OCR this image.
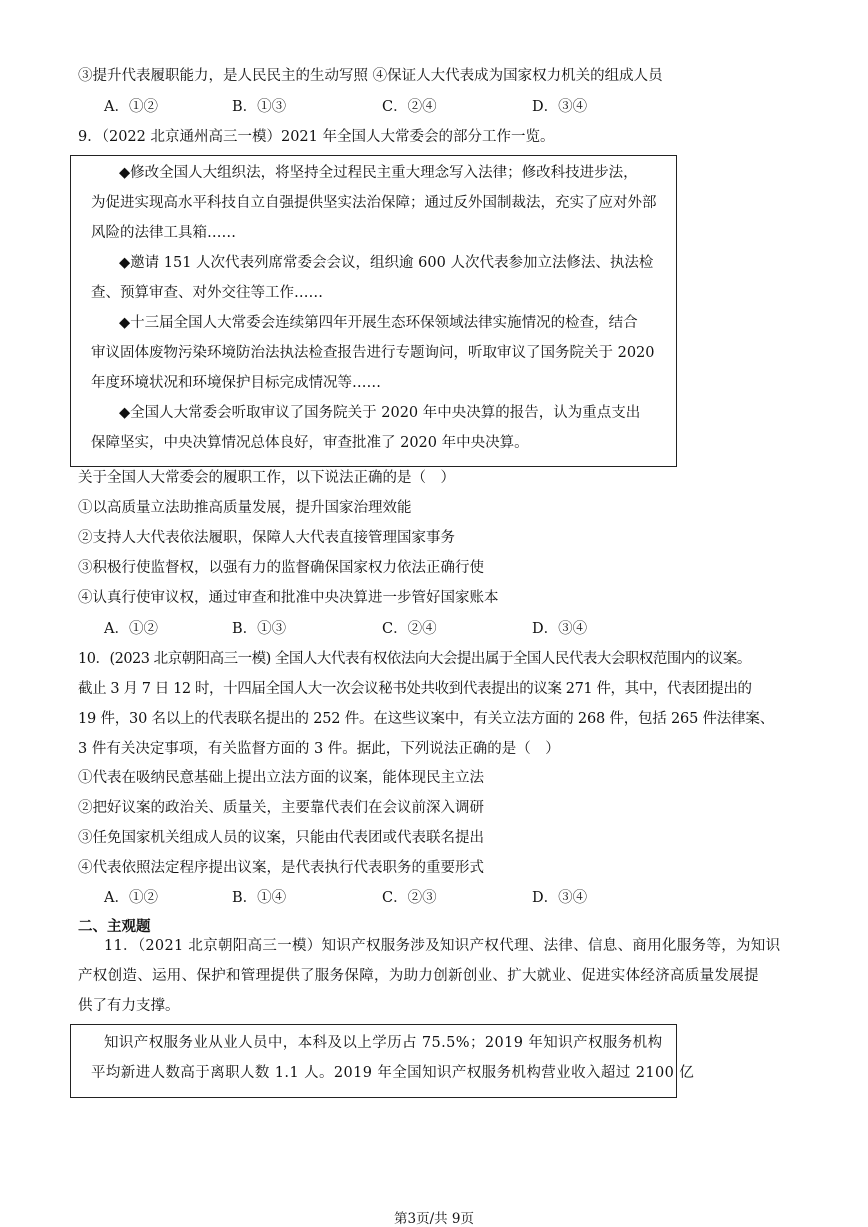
③提升代表履职能力，是人民民主的生动写照 ④保证人大代表成为国家权力机关的组成人员
A．①②	B．①③	C．②④	D．③④
9．（2022 北京通州高三一模）2021 年全国人大常委会的部分工作一览。
◆修改全国人大组织法，将坚持全过程民主重大理念写入法律；修改科技进步法，
为促进实现高水平科技自立自强提供坚实法治保障；通过反外国制裁法，充实了应对外部
风险的法律工具箱……
◆邀请 151 人次代表列席常委会会议，组织逾 600 人次代表参加立法修法、执法检
查、预算审查、对外交往等工作……
◆十三届全国人大常委会连续第四年开展生态环保领域法律实施情况的检查，结合
审议固体废物污染环境防治法执法检查报告进行专题询问，听取审议了国务院关于 2020
年度环境状况和环境保护目标完成情况等……
◆全国人大常委会听取审议了国务院关于 2020 年中央决算的报告，认为重点支出
保障坚实，中央决算情况总体良好，审查批准了 2020 年中央决算。
关于全国人大常委会的履职工作，以下说法正确的是（　）
①以高质量立法助推高质量发展，提升国家治理效能
②支持人大代表依法履职，保障人大代表直接管理国家事务
③积极行使监督权，以强有力的监督确保国家权力依法正确行使
④认真行使审议权，通过审查和批准中央决算进一步管好国家账本
A．①②	B．①③	C．②④	D．③④
10．(2023 北京朝阳高三一模) 全国人大代表有权依法向大会提出属于全国人民代表大会职权范围内的议案。
截止 3 月 7 日 12 时，十四届全国人大一次会议秘书处共收到代表提出的议案 271 件，其中，代表团提出的
19 件，30 名以上的代表联名提出的 252 件。在这些议案中，有关立法方面的 268 件，包括 265 件法律案、
3 件有关决定事项，有关监督方面的 3 件。据此，下列说法正确的是（　）
①代表在吸纳民意基础上提出立法方面的议案，能体现民主立法
②把好议案的政治关、质量关，主要靠代表们在会议前深入调研
③任免国家机关组成人员的议案，只能由代表团或代表联名提出
④代表依照法定程序提出议案，是代表执行代表职务的重要形式
A．①②	B．①④	C．②③	D．③④
二、主观题
11．（2021 北京朝阳高三一模）知识产权服务涉及知识产权代理、法律、信息、商用化服务等，为知识
产权创造、运用、保护和管理提供了服务保障，为助力创新创业、扩大就业、促进实体经济高质量发展提
供了有力支撑。
知识产权服务业从业人员中，本科及以上学历占 75.5%；2019 年知识产权服务机构
平均新进人数高于离职人数 1.1 人。2019 年全国知识产权服务机构营业收入超过 2100 亿
第3页/共 9页
